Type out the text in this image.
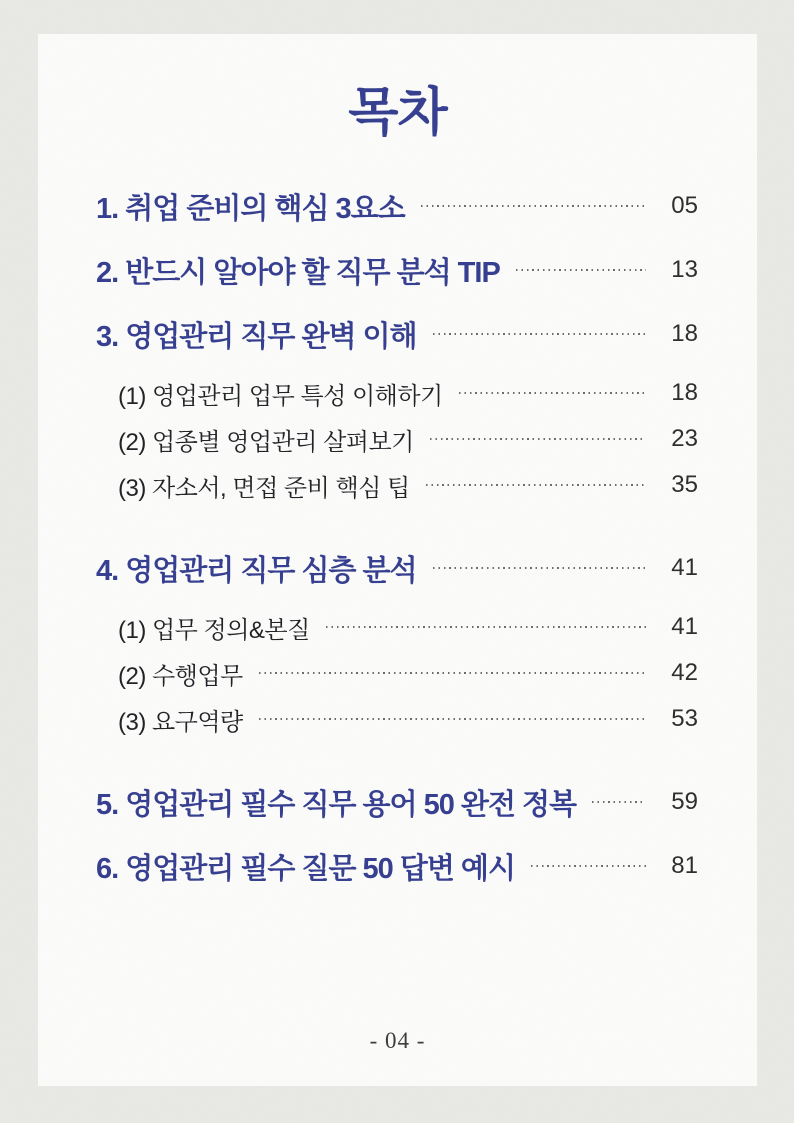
목차
1. 취업 준비의 핵심 3요소	05
2. 반드시 알아야 할 직무 분석 TIP	13
3. 영업관리 직무 완벽 이해	18
(1) 영업관리 업무 특성 이해하기	18
(2) 업종별 영업관리 살펴보기	23
(3) 자소서, 면접 준비 핵심 팁	35
4. 영업관리 직무 심층 분석	41
(1) 업무 정의&본질	41
(2) 수행업무	42
(3) 요구역량	53
5. 영업관리 필수 직무 용어 50 완전 정복	59
6. 영업관리 필수 질문 50 답변 예시	81
- 04 -
